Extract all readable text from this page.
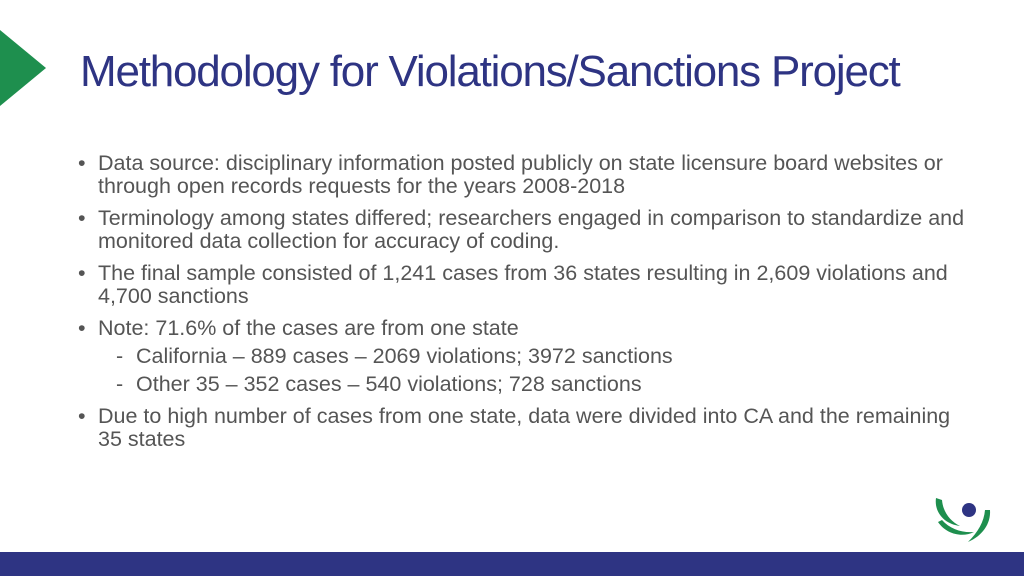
Methodology for Violations/Sanctions Project
• Data source: disciplinary information posted publicly on state licensure board websites or through open records requests for the years 2008-2018
• Terminology among states differed; researchers engaged in comparison to standardize and monitored data collection for accuracy of coding.
• The final sample consisted of 1,241 cases from 36 states resulting in 2,609 violations and 4,700 sanctions
• Note: 71.6% of the cases are from one state
- California – 889 cases – 2069 violations; 3972 sanctions
- Other 35 – 352 cases – 540 violations; 728 sanctions
• Due to high number of cases from one state, data were divided into CA and the remaining 35 states
